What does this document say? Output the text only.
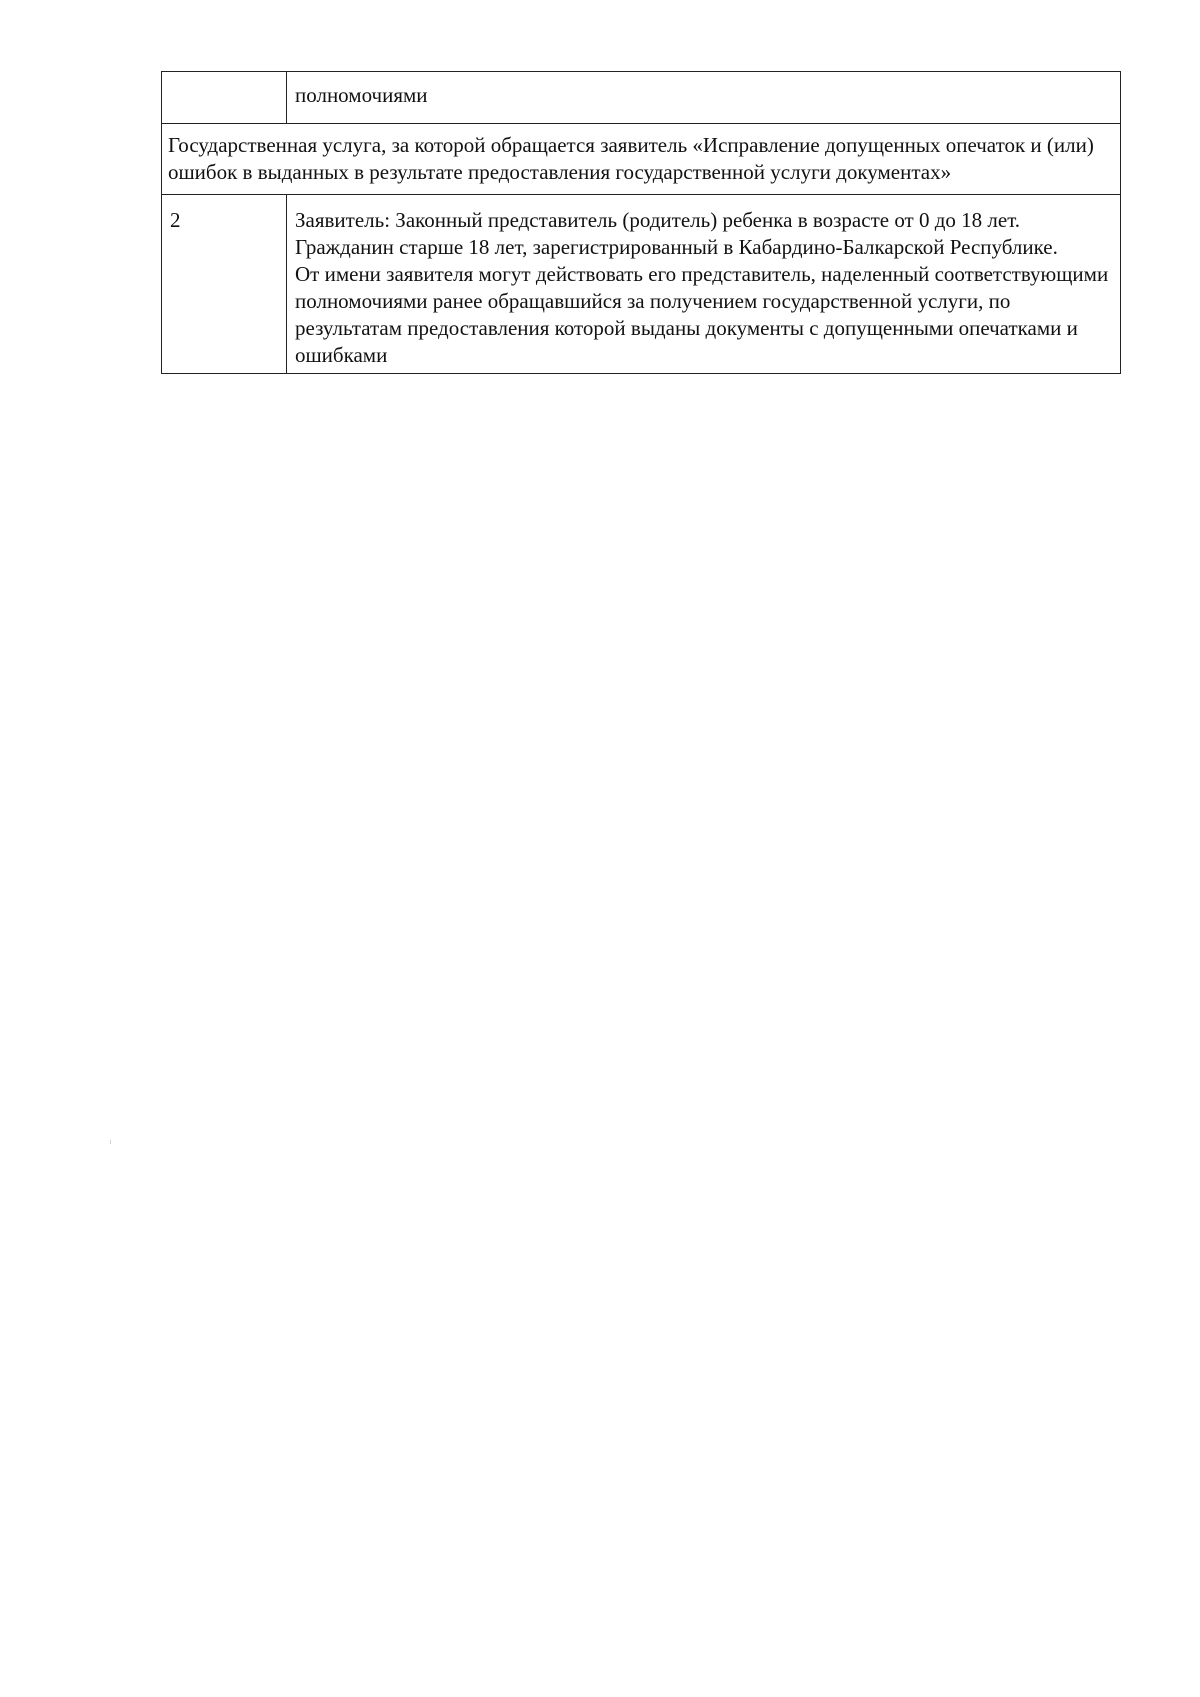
	полномочиями
Государственная услуга, за которой обращается заявитель «Исправление допущенных опечаток и (или) ошибок в выданных в результате предоставления государственной услуги документах»	
2	Заявитель: Законный представитель (родитель) ребенка в возрасте от 0 до 18 лет.
Гражданин старше 18 лет, зарегистрированный в Кабардино-Балкарской Республике.
От имени заявителя могут действовать его представитель, наделенный соответствующими полномочиями ранее обращавшийся за получением государственной услуги, по результатам предоставления которой выданы документы с допущенными опечатками и ошибками
